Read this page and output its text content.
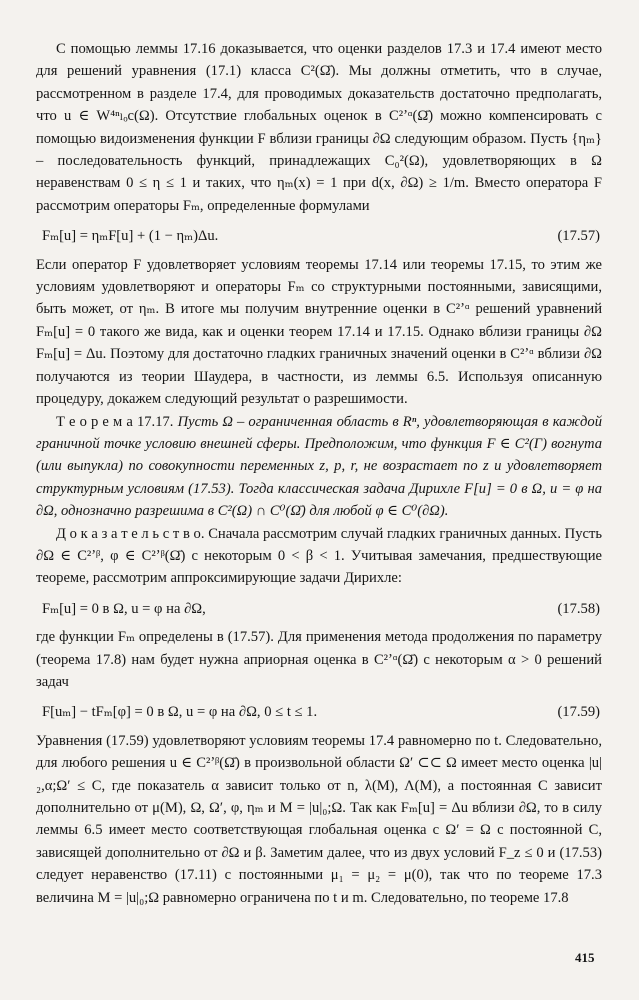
С помощью леммы 17.16 доказывается, что оценки разделов 17.3 и 17.4 имеют место для решений уравнения (17.1) класса C²(Ω̄). Мы должны отметить, что в случае, рассмотренном в разделе 17.4, для проводимых доказательств достаточно предполагать, что u ∈ W⁴ⁿₗₒc(Ω). Отсутствие глобальных оценок в C²ʼᵅ(Ω̄) можно компенсировать с помощью видоизменения функции F вблизи границы ∂Ω следующим образом. Пусть {ηₘ} – последовательность функций, принадлежащих C₀²(Ω), удовлетворяющих в Ω неравенствам 0 ≤ η ≤ 1 и таких, что ηₘ(x) = 1 при d(x, ∂Ω) ≥ 1/m. Вместо оператора F рассмотрим операторы Fₘ, определенные формулами

Fₘ[u] = ηₘF[u] + (1 − ηₘ)Δu.	(17.57)

Если оператор F удовлетворяет условиям теоремы 17.14 или теоремы 17.15, то этим же условиям удовлетворяют и операторы Fₘ со структурными постоянными, зависящими, быть может, от ηₘ. В итоге мы получим внутренние оценки в C²ʼᵅ решений уравнений Fₘ[u] = 0 такого же вида, как и оценки теорем 17.14 и 17.15. Однако вблизи границы ∂Ω Fₘ[u] = Δu. Поэтому для достаточно гладких граничных значений оценки в C²ʼᵅ вблизи ∂Ω получаются из теории Шаудера, в частности, из леммы 6.5. Используя описанную процедуру, докажем следующий результат о разрешимости.

Т е о р е м а 17.17. Пусть Ω – ограниченная область в Rⁿ, удовлетворяющая в каждой граничной точке условию внешней сферы. Предположим, что функция F ∈ C²(Γ) вогнута (или выпукла) по совокупности переменных z, p, r, не возрастает по z и удовлетворяет структурным условиям (17.53). Тогда классическая задача Дирихле F[u] = 0 в Ω, u = φ на ∂Ω, однозначно разрешима в C²(Ω) ∩ C⁰(Ω̄) для любой φ ∈ C⁰(∂Ω).

Д о к а з а т е л ь с т в о. Сначала рассмотрим случай гладких граничных данных. Пусть ∂Ω ∈ C²ʼᵝ, φ ∈ C²ʼᵝ(Ω̄) с некоторым 0 < β < 1. Учитывая замечания, предшествующие теореме, рассмотрим аппроксимирующие задачи Дирихле:

Fₘ[u] = 0 в Ω, u = φ на ∂Ω,	(17.58)

где функции Fₘ определены в (17.57). Для применения метода продолжения по параметру (теорема 17.8) нам будет нужна априорная оценка в C²ʼᵅ(Ω̄) с некоторым α > 0 решений задач

F[uₘ] − tFₘ[φ] = 0 в Ω, u = φ на ∂Ω, 0 ≤ t ≤ 1.	(17.59)

Уравнения (17.59) удовлетворяют условиям теоремы 17.4 равномерно по t. Следовательно, для любого решения u ∈ C²ʼᵝ(Ω̄) в произвольной области Ω′ ⊂⊂ Ω имеет место оценка |u|₂,α;Ω′ ≤ C, где показатель α зависит только от n, λ(M), Λ(M), а постоянная C зависит дополнительно от μ(M), Ω, Ω′, φ, ηₘ и M = |u|₀;Ω. Так как Fₘ[u] = Δu вблизи ∂Ω, то в силу леммы 6.5 имеет место соответствующая глобальная оценка с Ω′ = Ω с постоянной C, зависящей дополнительно от ∂Ω и β. Заметим далее, что из двух условий F_z ≤ 0 и (17.53) следует неравенство (17.11) с постоянными μ₁ = μ₂ = μ(0), так что по теореме 17.3 величина M = |u|₀;Ω равномерно ограничена по t и m. Следовательно, по теореме 17.8

415
